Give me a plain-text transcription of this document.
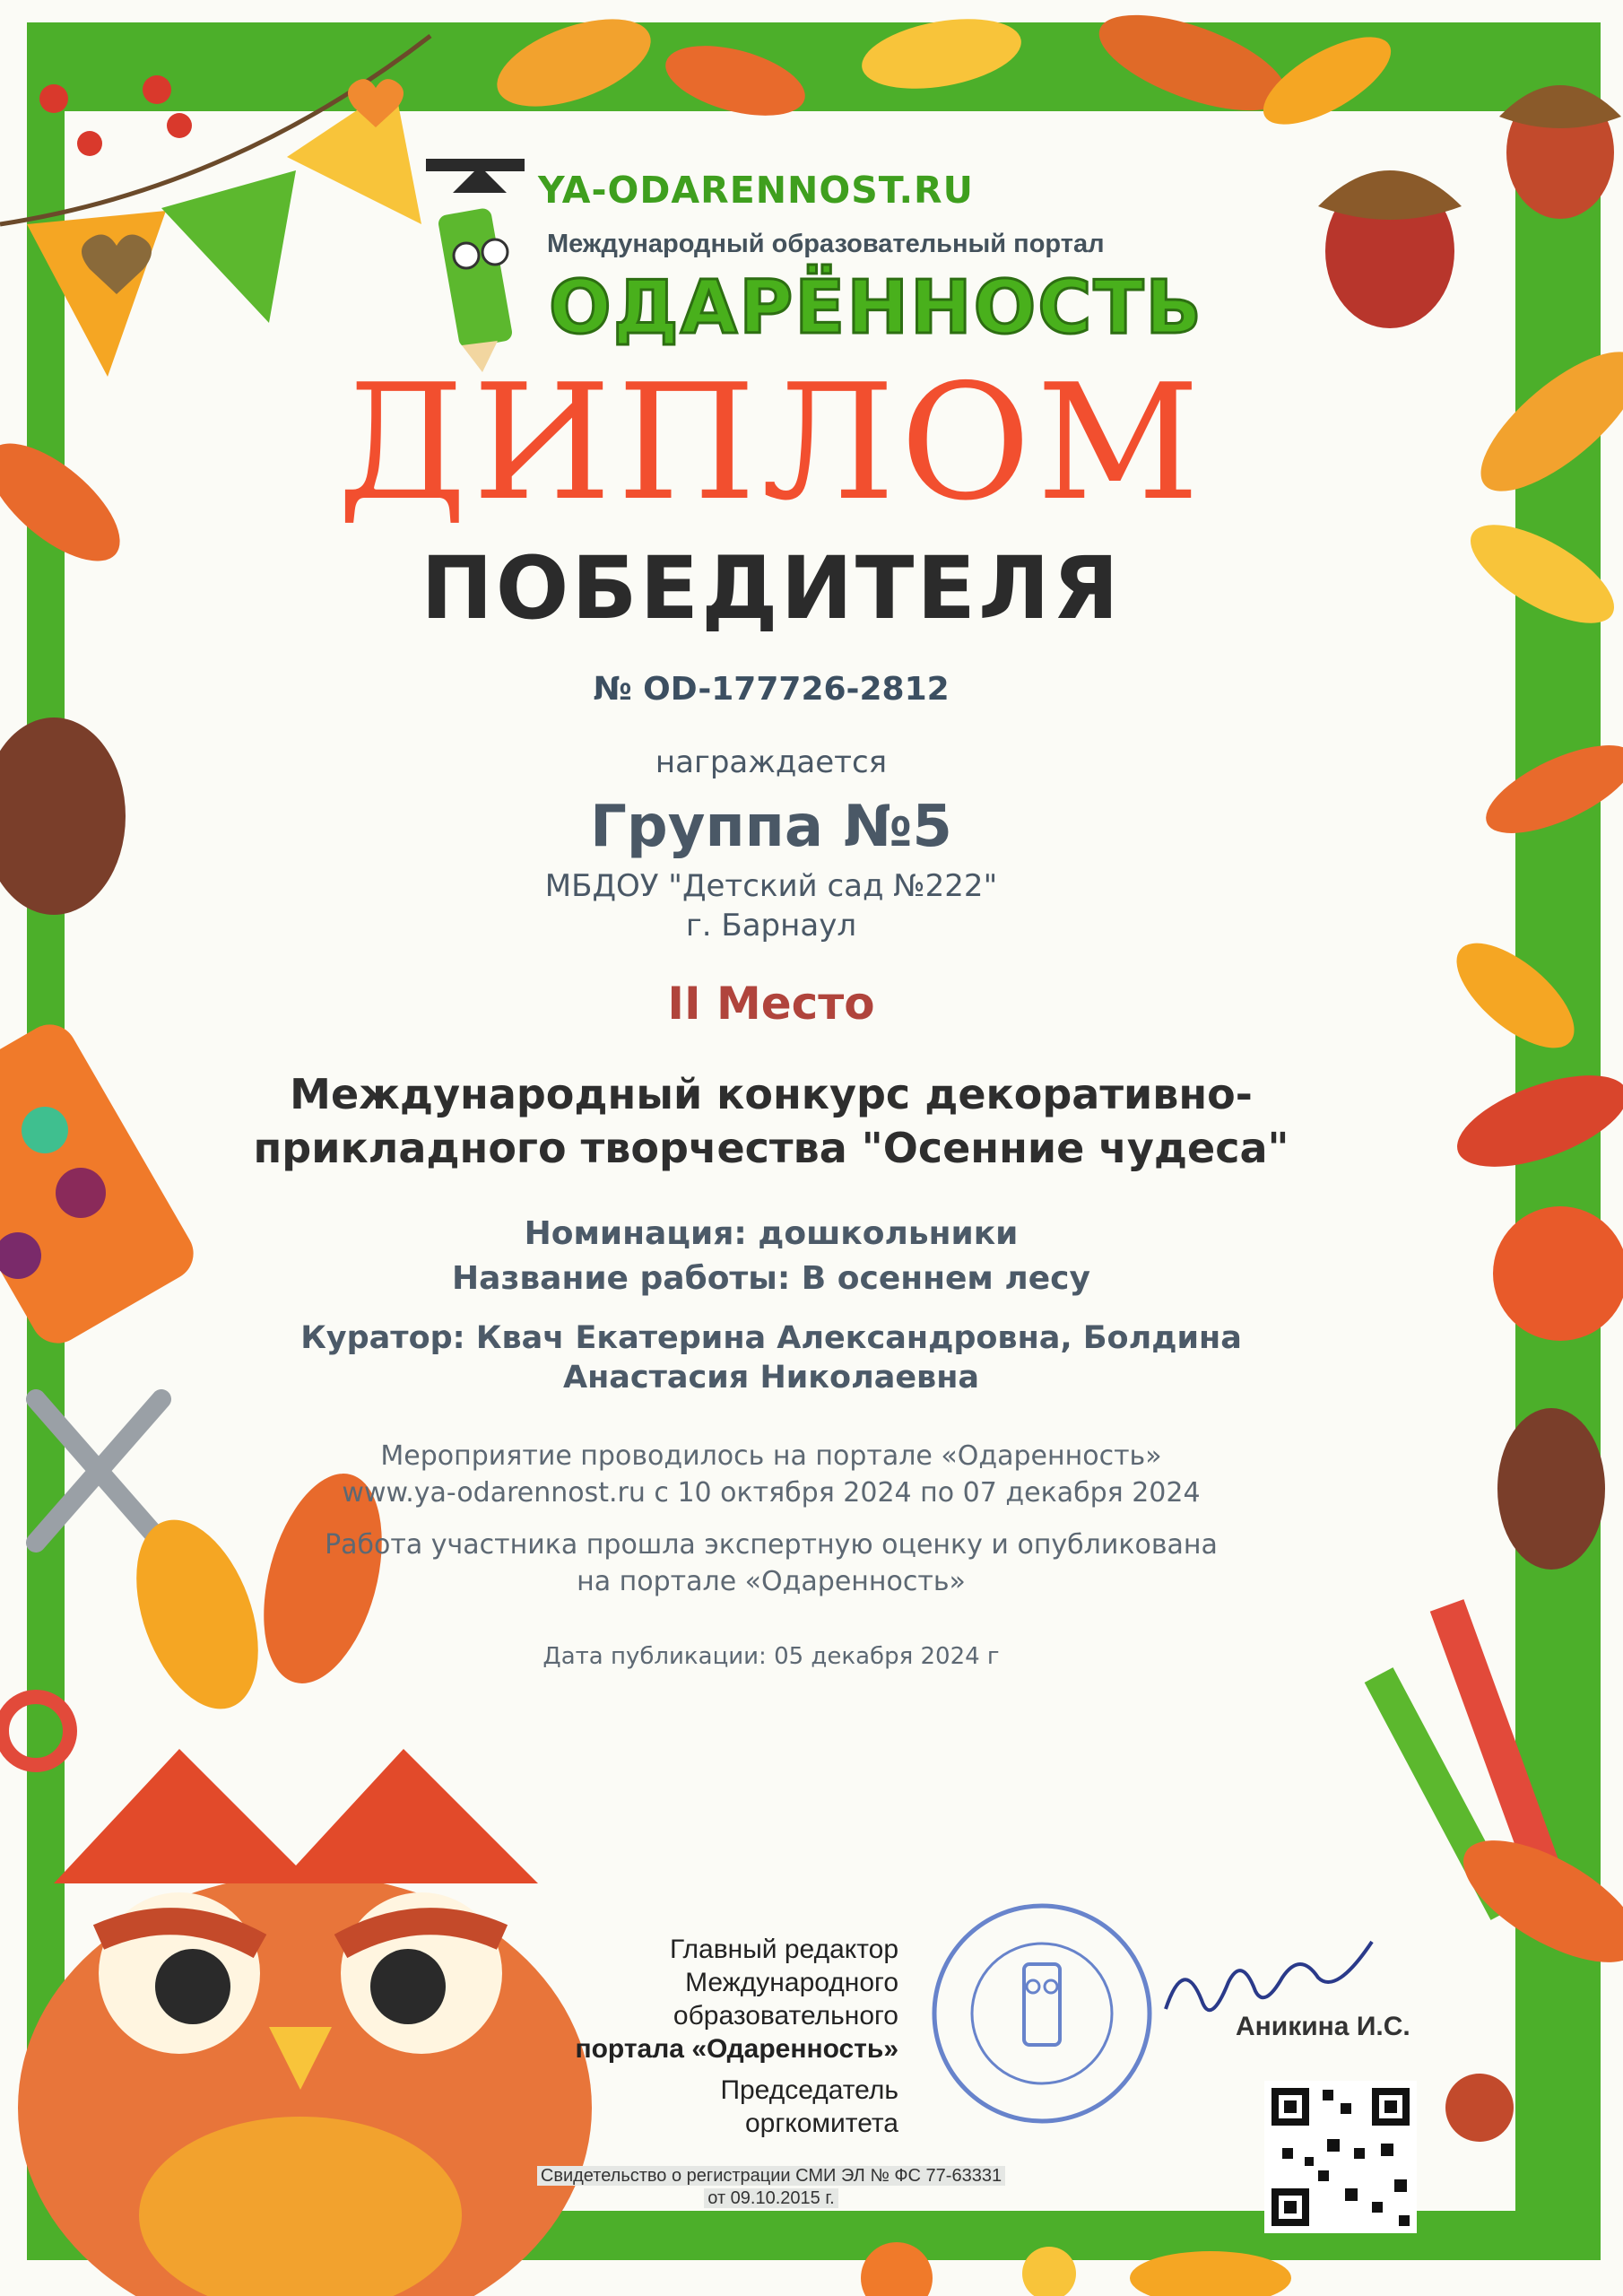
YA-ODARENNOST.RU
Международный образовательный портал
ОДАРЁННОСТЬ
ДИПЛОМ
ПОБЕДИТЕЛЯ
№ OD-177726-2812
награждается
Группа №5
МБДОУ "Детский сад №222"
г. Барнаул
II Место
Международный конкурс декоративно-
прикладного творчества "Осенние чудеса"
Номинация: дошкольники
Название работы: В осеннем лесу
Куратор: Квач Екатерина Александровна, Болдина
Анастасия Николаевна
Мероприятие проводилось на портале «Одаренность»
www.ya-odarennost.ru с 10 октября 2024 по 07 декабря 2024
Работа участника прошла экспертную оценку и опубликована
на портале «Одаренность»
Дата публикации: 05 декабря 2024 г
Главный редактор
Международного
образовательного
портала «Одаренность»
Председатель
оргкомитета
Аникина И.С.
Свидетельство о регистрации СМИ ЭЛ № ФС 77-63331
от 09.10.2015 г.
